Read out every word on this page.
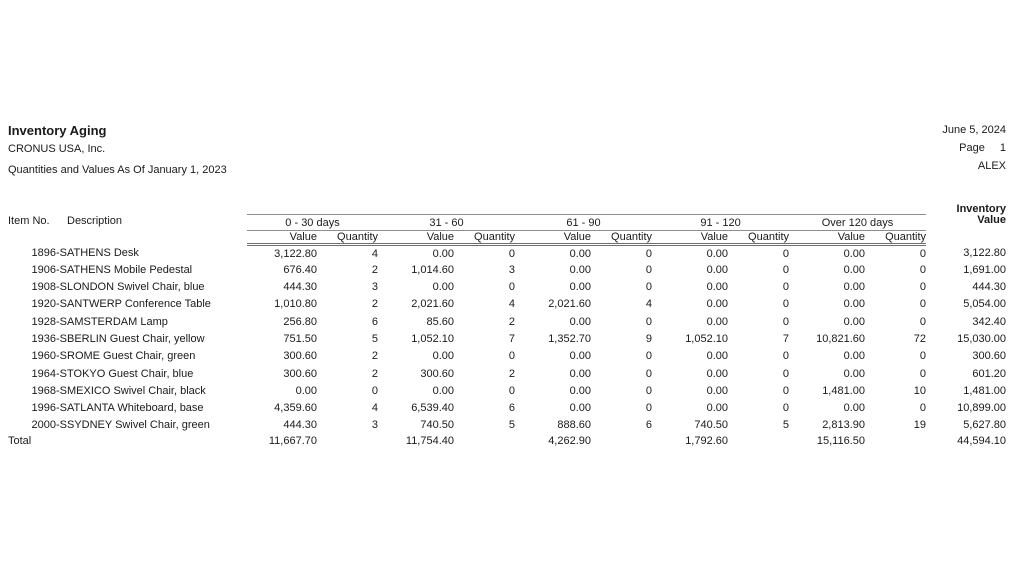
Inventory Aging
CRONUS USA, Inc.
Quantities and Values As Of January 1, 2023
June 5, 2024
Page 1
ALEX
Item No.	Description	0 - 30 days		31 - 60		61 - 90		91 - 120		Over 120 days		Inventory
Value

		Value	Quantity	Value	Quantity	Value	Quantity	Value	Quantity	Value	Quantity	
1896-S	ATHENS Desk	3,122.80	4	0.00	0	0.00	0	0.00	0	0.00	0	3,122.80
1906-S	ATHENS Mobile Pedestal	676.40	2	1,014.60	3	0.00	0	0.00	0	0.00	0	1,691.00
1908-S	LONDON Swivel Chair, blue	444.30	3	0.00	0	0.00	0	0.00	0	0.00	0	444.30
1920-S	ANTWERP Conference Table	1,010.80	2	2,021.60	4	2,021.60	4	0.00	0	0.00	0	5,054.00
1928-S	AMSTERDAM Lamp	256.80	6	85.60	2	0.00	0	0.00	0	0.00	0	342.40
1936-S	BERLIN Guest Chair, yellow	751.50	5	1,052.10	7	1,352.70	9	1,052.10	7	10,821.60	72	15,030.00
1960-S	ROME Guest Chair, green	300.60	2	0.00	0	0.00	0	0.00	0	0.00	0	300.60
1964-S	TOKYO Guest Chair, blue	300.60	2	300.60	2	0.00	0	0.00	0	0.00	0	601.20
1968-S	MEXICO Swivel Chair, black	0.00	0	0.00	0	0.00	0	0.00	0	1,481.00	10	1,481.00
1996-S	ATLANTA Whiteboard, base	4,359.60	4	6,539.40	6	0.00	0	0.00	0	0.00	0	10,899.00
2000-S	SYDNEY Swivel Chair, green	444.30	3	740.50	5	888.60	6	740.50	5	2,813.90	19	5,627.80
Total		11,667.70		11,754.40		4,262.90		1,792.60		15,116.50		44,594.10
